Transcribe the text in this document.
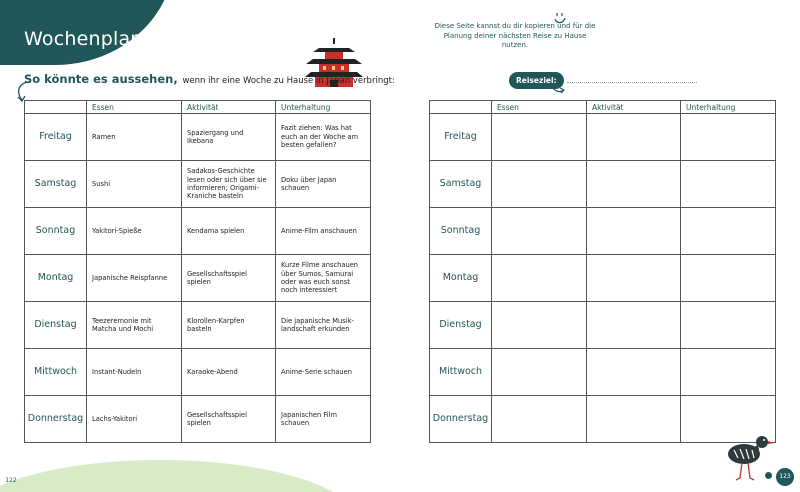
Wochenplan
So könnte es aussehen, wenn ihr eine Woche zu Hause in Japan verbringt:
	Essen	Aktivität	Unterhaltung
Freitag	Ramen	Spaziergang und Ikebana	Fazit ziehen: Was hat euch an der Woche am besten gefallen?
Samstag	Sushi	Sadakos-Geschichte lesen oder sich über sie informieren; Origami-Kraniche basteln	Doku über Japan schauen
Sonntag	Yakitori-Spieße	Kendama spielen	Anime-Film anschauen
Montag	Japanische Reispfanne	Gesellschaftsspiel spielen	Kurze Filme anschauen über Sumos, Samurai oder was euch sonst noch interessiert
Dienstag	Teezeremonie mit Matcha und Mochi	Klorollen-Karpfen basteln	Die japanische Musik-landschaft erkunden
Mittwoch	Instant-Nudeln	Karaoke-Abend	Anime-Serie schauen
Donnerstag	Lachs-Yakitori	Gesellschaftsspiel spielen	Japanischen Film schauen
122
Diese Seite kannst du dir kopieren und für die Planung deiner nächsten Reise zu Hause nutzen.
Reiseziel:
	Essen	Aktivität	Unterhaltung
Freitag			
Samstag			
Sonntag			
Montag			
Dienstag			
Mittwoch			
Donnerstag			
123
